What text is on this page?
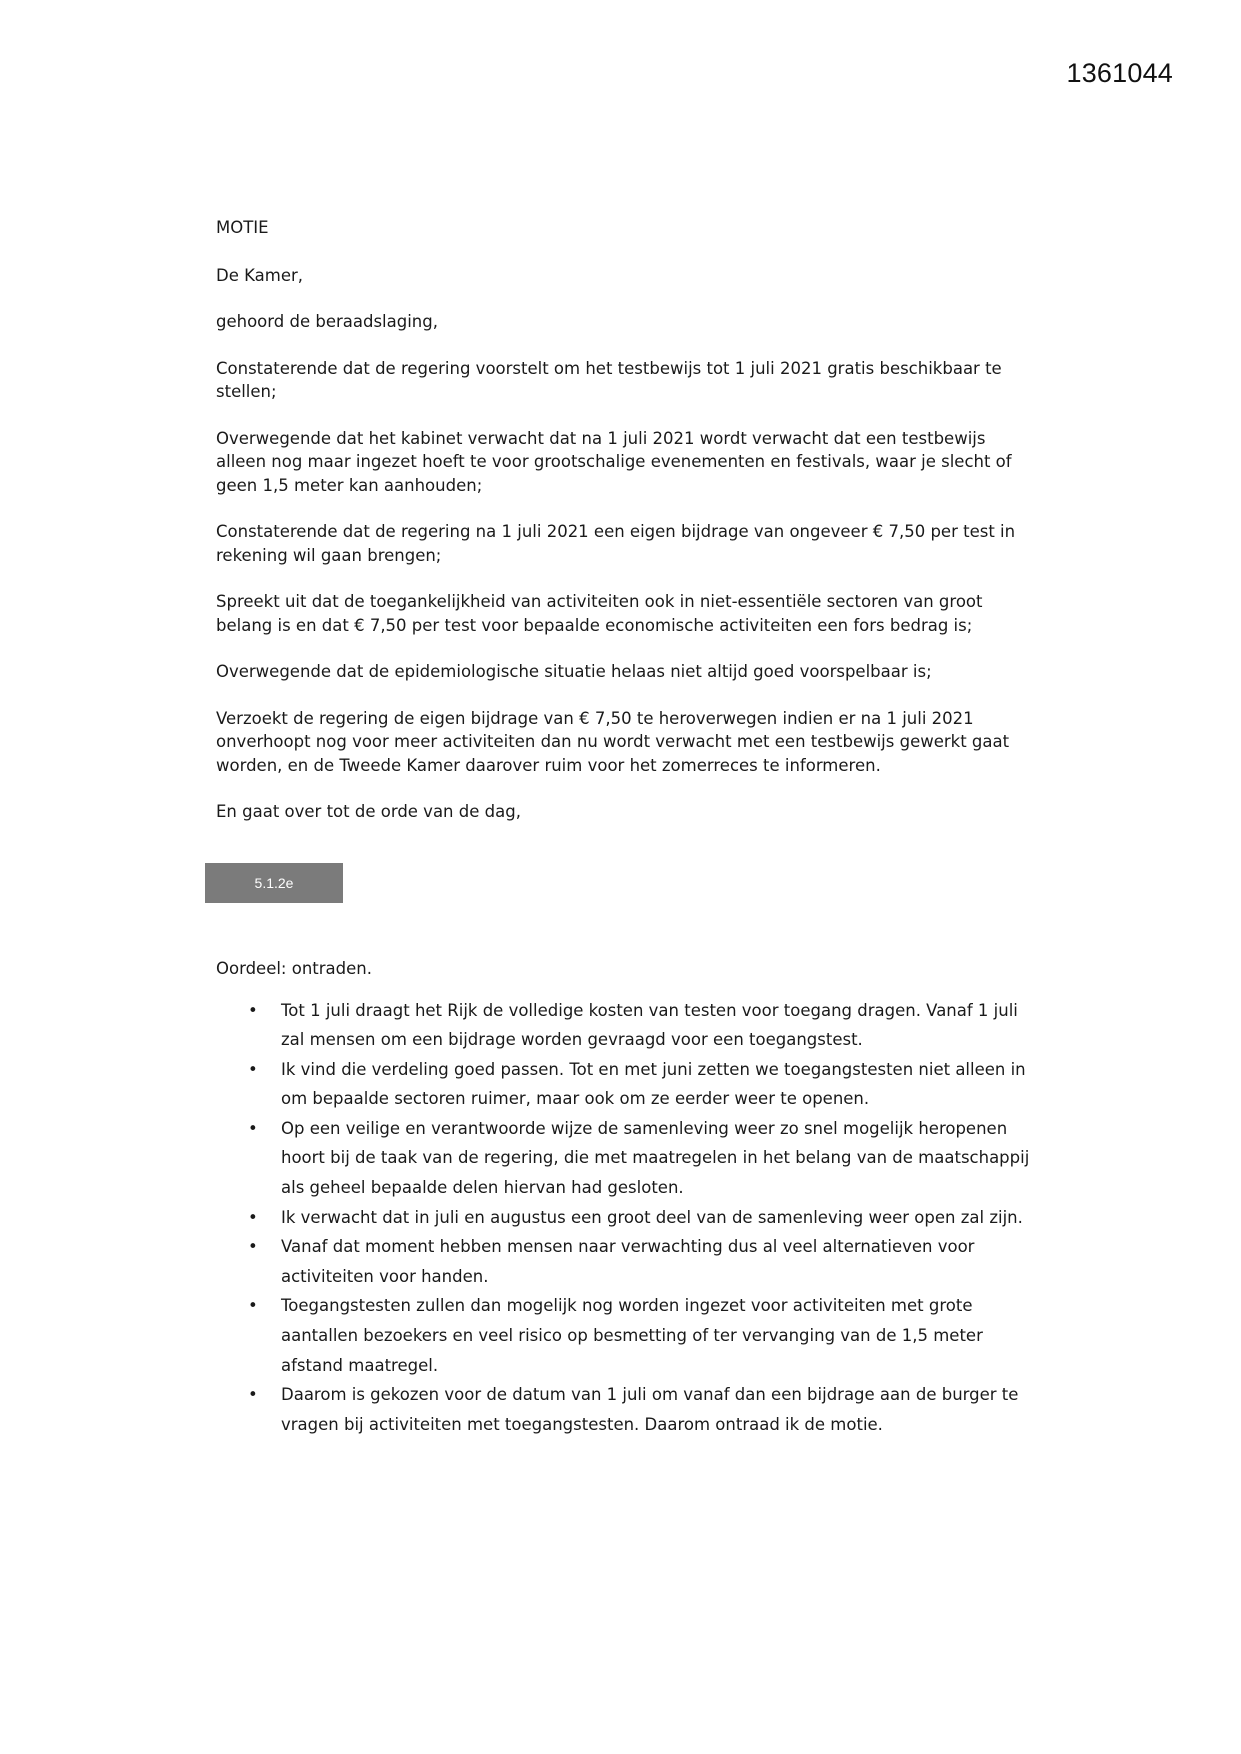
1361044

MOTIE

De Kamer,

gehoord de beraadslaging,

Constaterende dat de regering voorstelt om het testbewijs tot 1 juli 2021 gratis beschikbaar te stellen;

Overwegende dat het kabinet verwacht dat na 1 juli 2021 wordt verwacht dat een testbewijs alleen nog maar ingezet hoeft te voor grootschalige evenementen en festivals, waar je slecht of geen 1,5 meter kan aanhouden;

Constaterende dat de regering na 1 juli 2021 een eigen bijdrage van ongeveer € 7,50 per test in rekening wil gaan brengen;

Spreekt uit dat de toegankelijkheid van activiteiten ook in niet-essentiële sectoren van groot belang is en dat € 7,50 per test voor bepaalde economische activiteiten een fors bedrag is;

Overwegende dat de epidemiologische situatie helaas niet altijd goed voorspelbaar is;

Verzoekt de regering de eigen bijdrage van € 7,50 te heroverwegen indien er na 1 juli 2021 onverhoopt nog voor meer activiteiten dan nu wordt verwacht met een testbewijs gewerkt gaat worden, en de Tweede Kamer daarover ruim voor het zomerreces te informeren.

En gaat over tot de orde van de dag,

5.1.2e

Oordeel: ontraden.

• Tot 1 juli draagt het Rijk de volledige kosten van testen voor toegang dragen. Vanaf 1 juli
zal mensen om een bijdrage worden gevraagd voor een toegangstest.
• Ik vind die verdeling goed passen. Tot en met juni zetten we toegangstesten niet alleen in
om bepaalde sectoren ruimer, maar ook om ze eerder weer te openen.
• Op een veilige en verantwoorde wijze de samenleving weer zo snel mogelijk heropenen
hoort bij de taak van de regering, die met maatregelen in het belang van de maatschappij
als geheel bepaalde delen hiervan had gesloten.
• Ik verwacht dat in juli en augustus een groot deel van de samenleving weer open zal zijn.
• Vanaf dat moment hebben mensen naar verwachting dus al veel alternatieven voor
activiteiten voor handen.
• Toegangstesten zullen dan mogelijk nog worden ingezet voor activiteiten met grote
aantallen bezoekers en veel risico op besmetting of ter vervanging van de 1,5 meter
afstand maatregel.
• Daarom is gekozen voor de datum van 1 juli om vanaf dan een bijdrage aan de burger te
vragen bij activiteiten met toegangstesten. Daarom ontraad ik de motie.
